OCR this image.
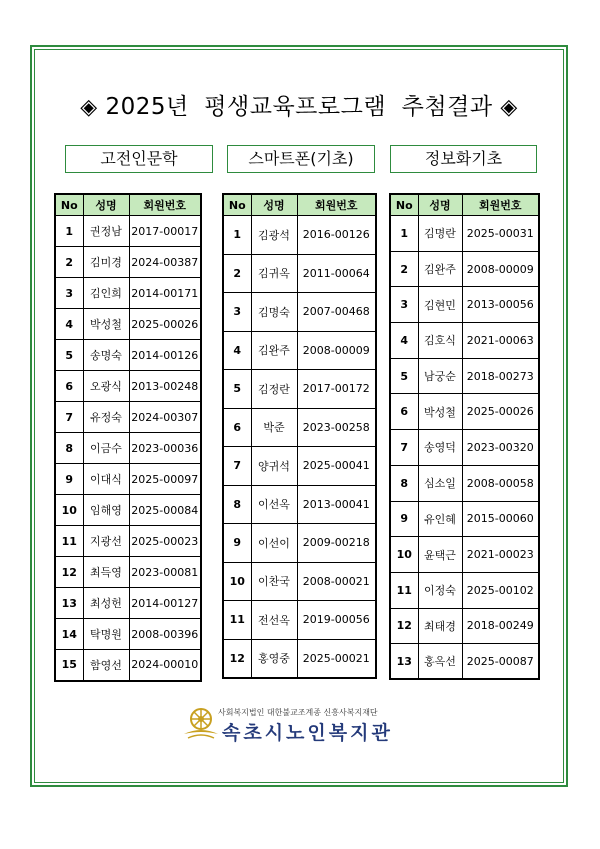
◈ 2025년  평생교육프로그램  추첨결과 ◈
고전인문학	스마트폰(기초)	정보화기초
No	성명	회원번호
1	권정남	2017-00017
2	김미경	2024-00387
3	김인희	2014-00171
4	박성철	2025-00026
5	송명숙	2014-00126
6	오광식	2013-00248
7	유정숙	2024-00307
8	이금수	2023-00036
9	이대식	2025-00097
10	임해영	2025-00084
11	지광선	2025-00023
12	최득영	2023-00081
13	최성헌	2014-00127
14	탁명원	2008-00396
15	함영선	2024-00010
No	성명	회원번호
1	김광석	2016-00126
2	김귀옥	2011-00064
3	김명숙	2007-00468
4	김완주	2008-00009
5	김정란	2017-00172
6	박준	2023-00258
7	양귀석	2025-00041
8	이선옥	2013-00041
9	이선이	2009-00218
10	이찬국	2008-00021
11	전선옥	2019-00056
12	홍영중	2025-00021
No	성명	회원번호
1	김명란	2025-00031
2	김완주	2008-00009
3	김현민	2013-00056
4	김호식	2021-00063
5	남궁순	2018-00273
6	박성철	2025-00026
7	송영덕	2023-00320
8	심소일	2008-00058
9	유인혜	2015-00060
10	윤택근	2021-00023
11	이정숙	2025-00102
12	최태경	2018-00249
13	홍옥선	2025-00087
사회복지법인 대한불교조계종 신흥사복지재단
속초시노인복지관
